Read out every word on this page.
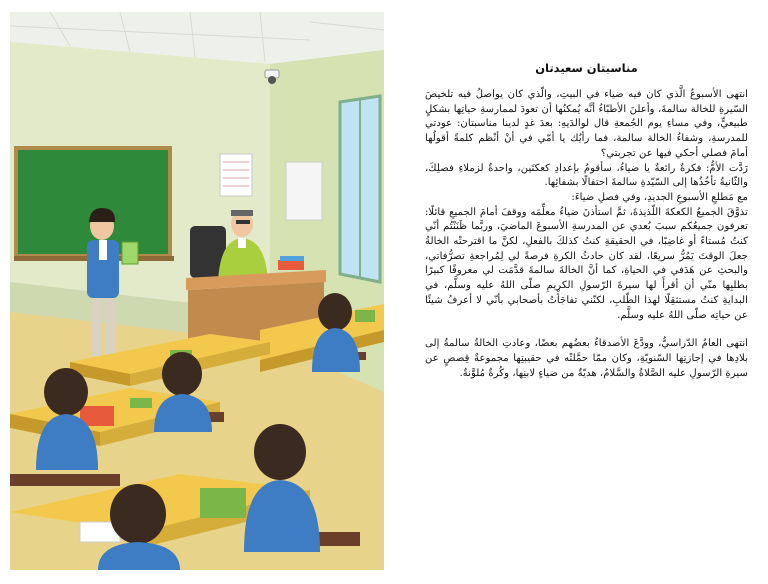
مناسبتان سعيدتان

انتهى الأسبوعُ الَّذي كان فيه ضياء في البيتِ، والّذي كان يواصلُ فيه تلخيصَ السّيرةِ للخالة سالمةَ، وأعلنَ الأطبّاءُ أنَّه يُمكنُها أن تعودَ لممارسةِ حياتِها بشكلٍ طبيعيٍّ، وفي مساءِ يوم الجُمعةِ قال لوالدَيهِ: بعدَ غدٍ لدينا مناسبتان: عودتي للمدرسةِ، وشفاءُ الخالة سالمة، فما رأيُك يا أمّي في أنْ أنْظم كلمةً أقولُها أمامَ فصلي أحكي فيها عن تجربتي؟

رَدَّت الأمُّ: فكرةٌ رائعةٌ يا ضياءُ، سأقومُ بإعدادِ كعكتَين، واحدةٌ لزملاءِ فصلِكَ، والثّانيةُ تأخُذُها إلى السّيّدةِ سالمةَ احتفالًا بشفائِها.

مع مَطلعِ الأسبوعِ الجديدِ، وفي فصلِ ضياءَ:

تذوَّقَ الجميعُ الكعكةَ اللّذيذةَ، ثمَّ استأذنَ ضياءُ معلِّمَه ووقفَ أمامَ الجميعِ قائلًا: تعرفون جميعُكم سببَ بُعدي عن المدرسةِ الأسبوعَ الماضيَ، وربَّما ظَنَنْتُم أنّي كنتُ مُستاءً أو غاضِبًا، في الحقيقةِ كنتُ كذلكَ بالفعلِ، لكنَّ ما اقترحتْه الخالةُ جعلَ الوقتَ يَمُرُّ سريعًا، لقد كان حادثُ الكرةِ فرصةً لي لِمُراجعةِ تصرُّفاتي، والبحثِ عن هَدَفي في الحياةِ، كما أنَّ الخالةَ سالمةَ قدَّمَت لي معروفًا كبيرًا بطلبِها منّي أن أقرأَ لها سيرةَ الرّسولِ الكريمِ صلّى اللهُ عليه وسلَّم، في البدايةِ كنتُ مستثقِلًا لهذا الطّلبِ، لكنّني تفاجَأْتُ بأصحابي بأنّي لا أعرفُ شيئًا عن حياتِه صلّى اللهُ عليه وسلَّم.

انتهى العامُ الدّراسيُّ، وودَّعَ الأصدقاءُ بعضُهم بعضًا، وعادتِ الخالةُ سالمةُ إلى بلادِها في إجازتِها السّنويّةِ، وكان ممّا حمَّلتْه في حقيبتِها مجموعةٌ قِصصٍ عن سيرةِ الرّسولِ عليه الصَّلاةُ والسَّلامُ، هديّةٌ من ضياءٍ لابنِها، وكُرةٌ مُلوَّنةٌ.
